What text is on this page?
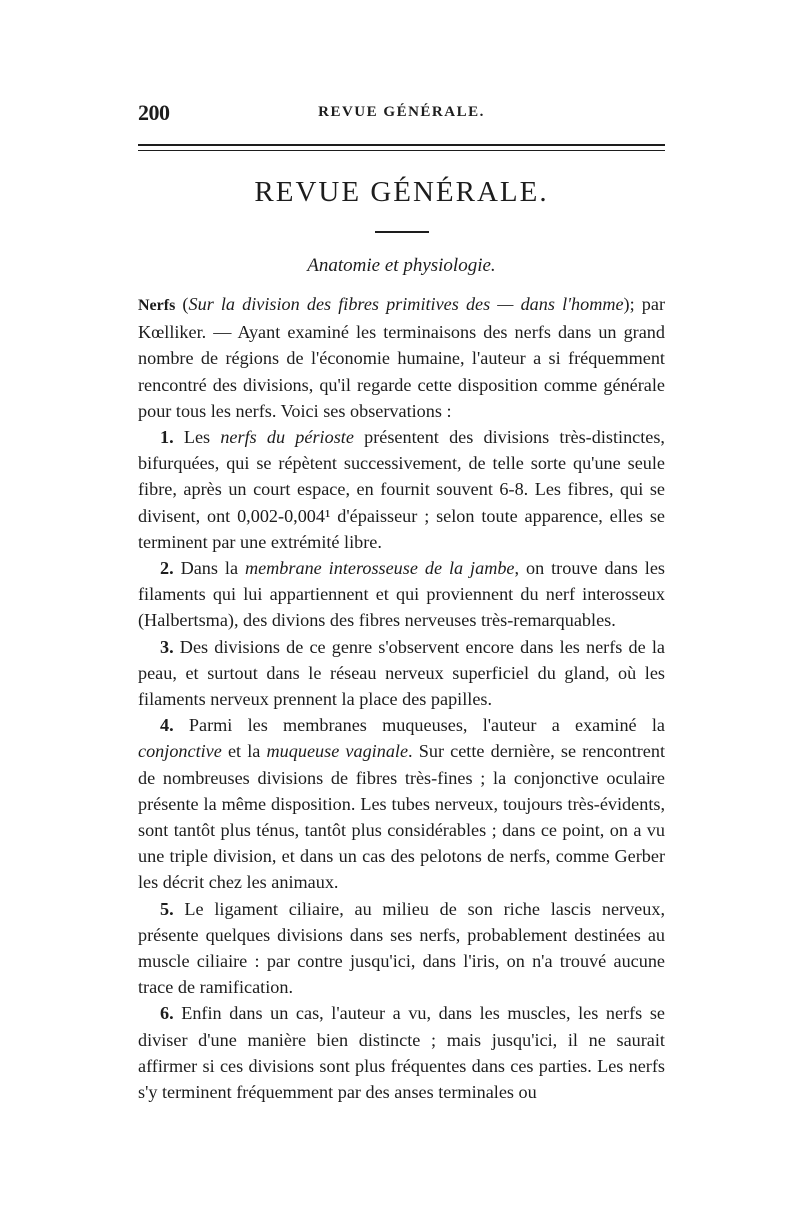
200	REVUE GÉNÉRALE.
REVUE GÉNÉRALE.
Anatomie et physiologie.

Nerfs (Sur la division des fibres primitives des — dans l'homme); par Kœlliker. — Ayant examiné les terminaisons des nerfs dans un grand nombre de régions de l'économie humaine, l'auteur a si fréquemment rencontré des divisions, qu'il regarde cette disposition comme générale pour tous les nerfs. Voici ses observations :

1. Les nerfs du périoste présentent des divisions très-distinctes, bifurquées, qui se répètent successivement, de telle sorte qu'une seule fibre, après un court espace, en fournit souvent 6-8. Les fibres, qui se divisent, ont 0,002-0,004¹ d'épaisseur ; selon toute apparence, elles se terminent par une extrémité libre.

2. Dans la membrane interosseuse de la jambe, on trouve dans les filaments qui lui appartiennent et qui proviennent du nerf interosseux (Halbertsma), des divions des fibres nerveuses très-remarquables.

3. Des divisions de ce genre s'observent encore dans les nerfs de la peau, et surtout dans le réseau nerveux superficiel du gland, où les filaments nerveux prennent la place des papilles.

4. Parmi les membranes muqueuses, l'auteur a examiné la conjonctive et la muqueuse vaginale. Sur cette dernière, se rencontrent de nombreuses divisions de fibres très-fines ; la conjonctive oculaire présente la même disposition. Les tubes nerveux, toujours très-évidents, sont tantôt plus ténus, tantôt plus considérables ; dans ce point, on a vu une triple division, et dans un cas des pelotons de nerfs, comme Gerber les décrit chez les animaux.

5. Le ligament ciliaire, au milieu de son riche lascis nerveux, présente quelques divisions dans ses nerfs, probablement destinées au muscle ciliaire : par contre jusqu'ici, dans l'iris, on n'a trouvé aucune trace de ramification.

6. Enfin dans un cas, l'auteur a vu, dans les muscles, les nerfs se diviser d'une manière bien distincte ; mais jusqu'ici, il ne saurait affirmer si ces divisions sont plus fréquentes dans ces parties. Les nerfs s'y terminent fréquemment par des anses terminales ou
